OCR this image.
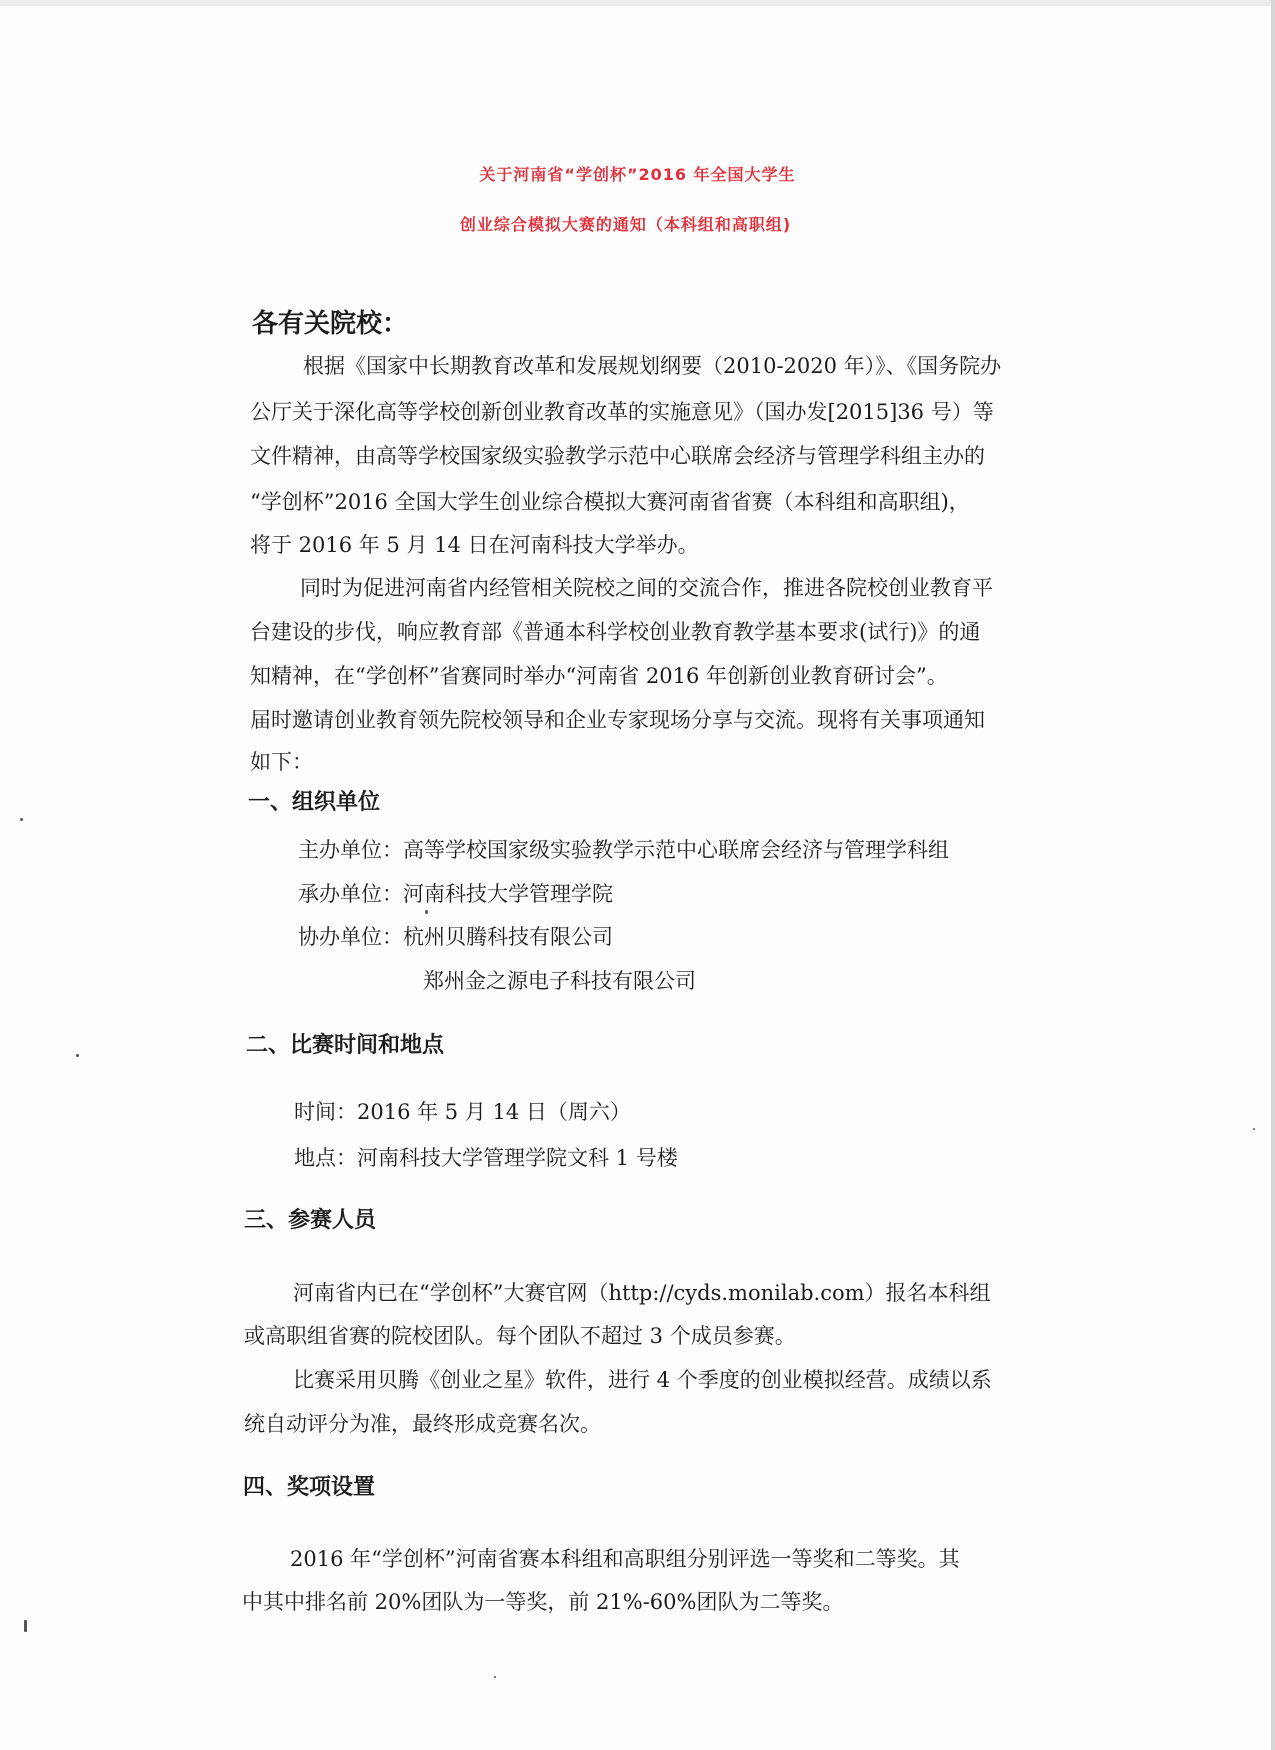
关于河南省“学创杯”2016 年全国大学生
创业综合模拟大赛的通知（本科组和高职组)
各有关院校：
根据《国家中长期教育改革和发展规划纲要（2010-2020 年）》、《国务院办
公厅关于深化高等学校创新创业教育改革的实施意见》（国办发[2015]36 号）等
文件精神，由高等学校国家级实验教学示范中心联席会经济与管理学科组主办的
“学创杯”2016 全国大学生创业综合模拟大赛河南省省赛（本科组和高职组)，
将于 2016 年 5 月 14 日在河南科技大学举办。
同时为促进河南省内经管相关院校之间的交流合作，推进各院校创业教育平
台建设的步伐，响应教育部《普通本科学校创业教育教学基本要求(试行)》的通
知精神，在“学创杯”省赛同时举办“河南省 2016 年创新创业教育研讨会”。
届时邀请创业教育领先院校领导和企业专家现场分享与交流。现将有关事项通知
如下：
一、组织单位
主办单位：高等学校国家级实验教学示范中心联席会经济与管理学科组
承办单位：河南科技大学管理学院
协办单位：杭州贝腾科技有限公司
郑州金之源电子科技有限公司
二、比赛时间和地点
时间：2016 年 5 月 14 日（周六）
地点：河南科技大学管理学院文科 1 号楼
三、参赛人员
河南省内已在“学创杯”大赛官网（http://cyds.monilab.com）报名本科组
或高职组省赛的院校团队。每个团队不超过 3 个成员参赛。
比赛采用贝腾《创业之星》软件，进行 4 个季度的创业模拟经营。成绩以系
统自动评分为准，最终形成竞赛名次。
四、奖项设置
2016 年“学创杯”河南省赛本科组和高职组分别评选一等奖和二等奖。其
中其中排名前 20%团队为一等奖，前 21%-60%团队为二等奖。
